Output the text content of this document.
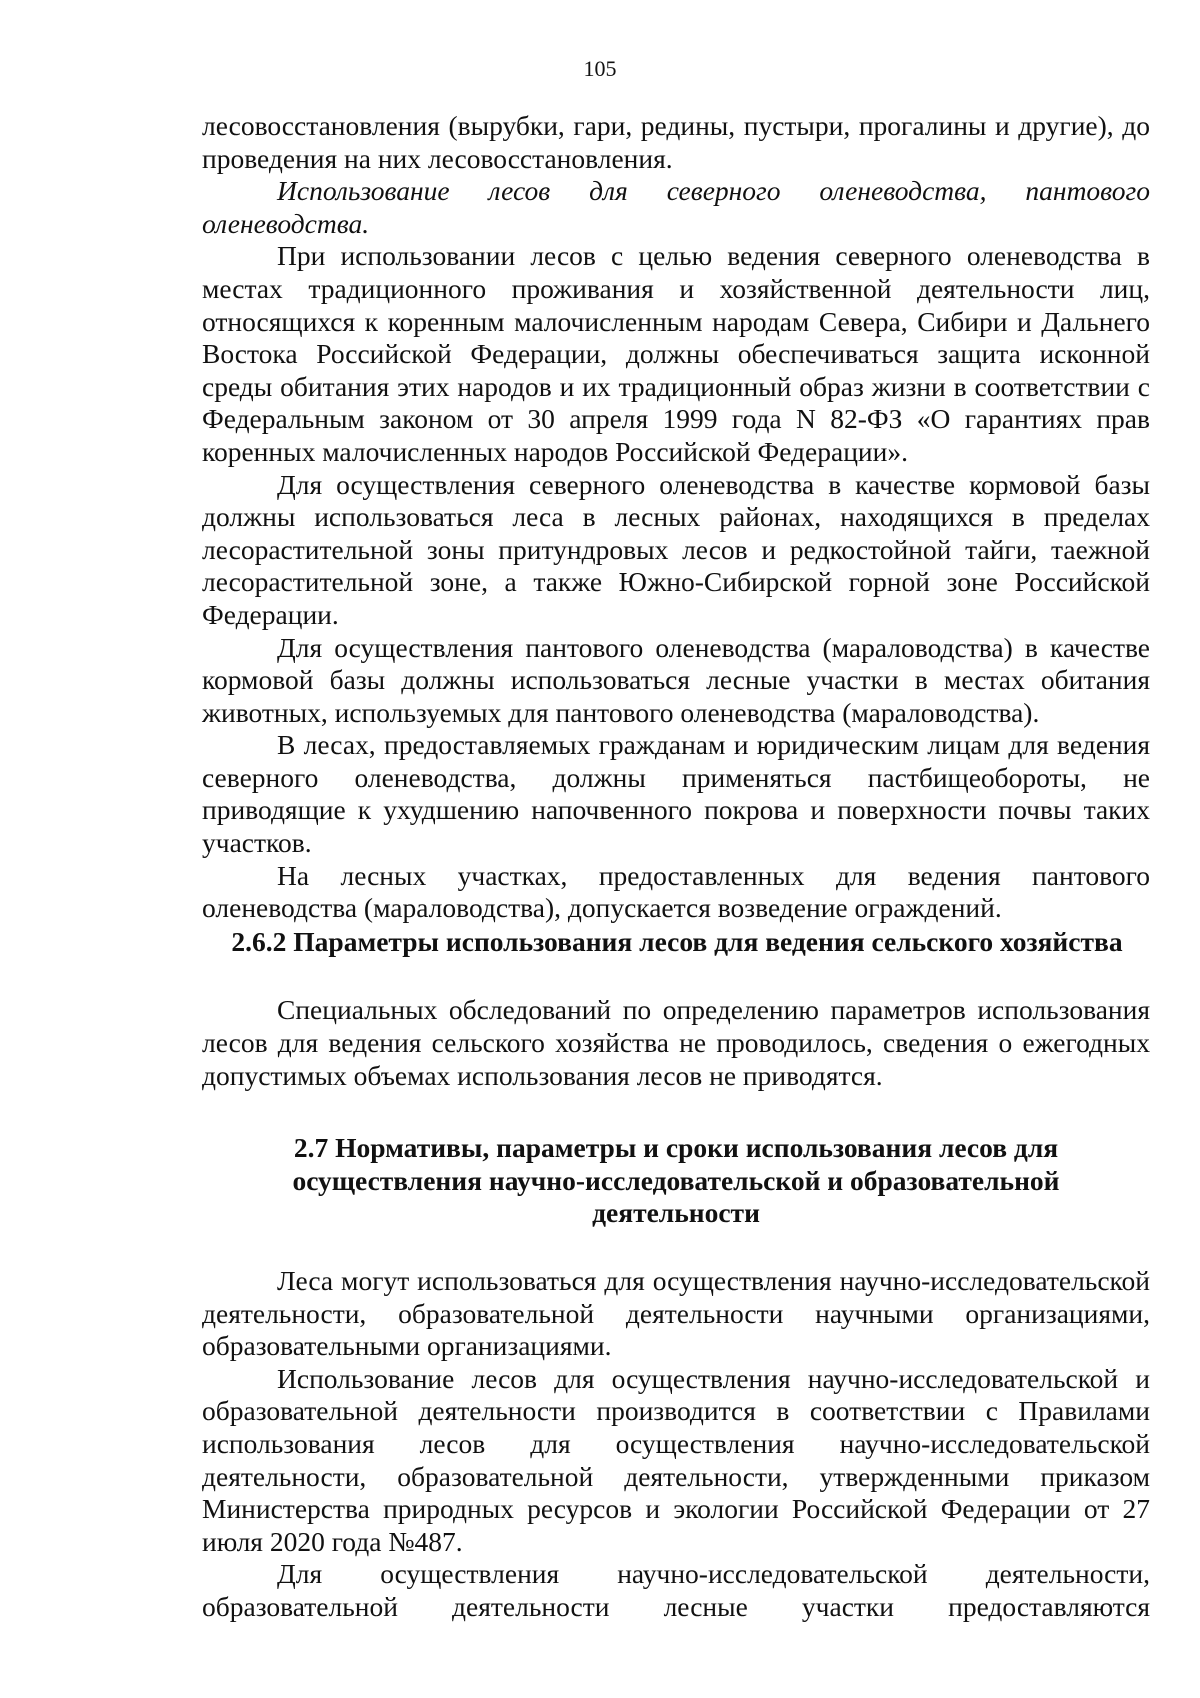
105

лесовосстановления (вырубки, гари, редины, пустыри, прогалины и другие), до проведения на них лесовосстановления.

Использование лесов для северного оленеводства, пантового оленеводства.

При использовании лесов с целью ведения северного оленеводства в местах традиционного проживания и хозяйственной деятельности лиц, относящихся к коренным малочисленным народам Севера, Сибири и Дальнего Востока Российской Федерации, должны обеспечиваться защита исконной среды обитания этих народов и их традиционный образ жизни в соответствии с Федеральным законом от 30 апреля 1999 года N 82-ФЗ «О гарантиях прав коренных малочисленных народов Российской Федерации».

Для осуществления северного оленеводства в качестве кормовой базы должны использоваться леса в лесных районах, находящихся в пределах лесорастительной зоны притундровых лесов и редкостойной тайги, таежной лесорастительной зоне, а также Южно-Сибирской горной зоне Российской Федерации.

Для осуществления пантового оленеводства (мараловодства) в качестве кормовой базы должны использоваться лесные участки в местах обитания животных, используемых для пантового оленеводства (мараловодства).

В лесах, предоставляемых гражданам и юридическим лицам для ведения северного оленеводства, должны применяться пастбищеобороты, не приводящие к ухудшению напочвенного покрова и поверхности почвы таких участков.

На лесных участках, предоставленных для ведения пантового оленеводства (мараловодства), допускается возведение ограждений.

2.6.2 Параметры использования лесов для ведения сельского хозяйства

Специальных обследований по определению параметров использования лесов для ведения сельского хозяйства не проводилось, сведения о ежегодных допустимых объемах использования лесов не приводятся.

2.7 Нормативы, параметры и сроки использования лесов для осуществления научно-исследовательской и образовательной деятельности

Леса могут использоваться для осуществления научно-исследовательской деятельности, образовательной деятельности научными организациями, образовательными организациями.

Использование лесов для осуществления научно-исследовательской и образовательной деятельности производится в соответствии с Правилами использования лесов для осуществления научно-исследовательской деятельности, образовательной деятельности, утвержденными приказом Министерства природных ресурсов и экологии Российской Федерации от 27 июля 2020 года №487.

Для осуществления научно-исследовательской деятельности, образовательной деятельности лесные участки предоставляются
